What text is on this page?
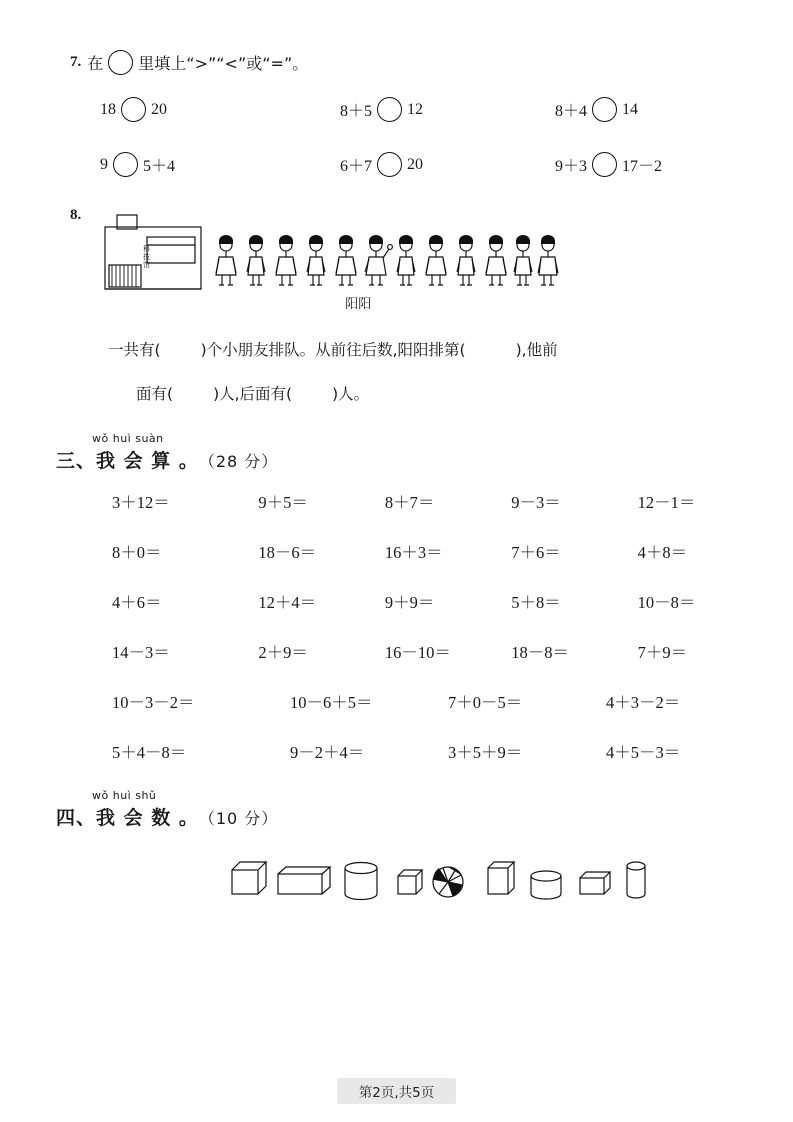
7. 在 里填上“>”“<”或“=”。
18 20	8＋5 12	8＋4 14
9 5＋4	6＋7 20	9＋3 17－2
8.
科
技
馆
阳阳
一共有(	)个小朋友排队。从前往后数,阳阳排第(	),他前
面有(	)人,后面有(	)人。
wǒ huì suàn
三、我 会 算 。 （28 分）
3＋12＝	9＋5＝	8＋7＝	9－3＝	12－1＝
8＋0＝	18－6＝	16＋3＝	7＋6＝	4＋8＝
4＋6＝	12＋4＝	9＋9＝	5＋8＝	10－8＝
14－3＝	2＋9＝	16－10＝	18－8＝	7＋9＝
10－3－2＝	10－6＋5＝	7＋0－5＝	4＋3－2＝
5＋4－8＝	9－2＋4＝	3＋5＋9＝	4＋5－3＝
wǒ huì shǔ
四、我 会 数 。 （10 分）
第2页,共5页
